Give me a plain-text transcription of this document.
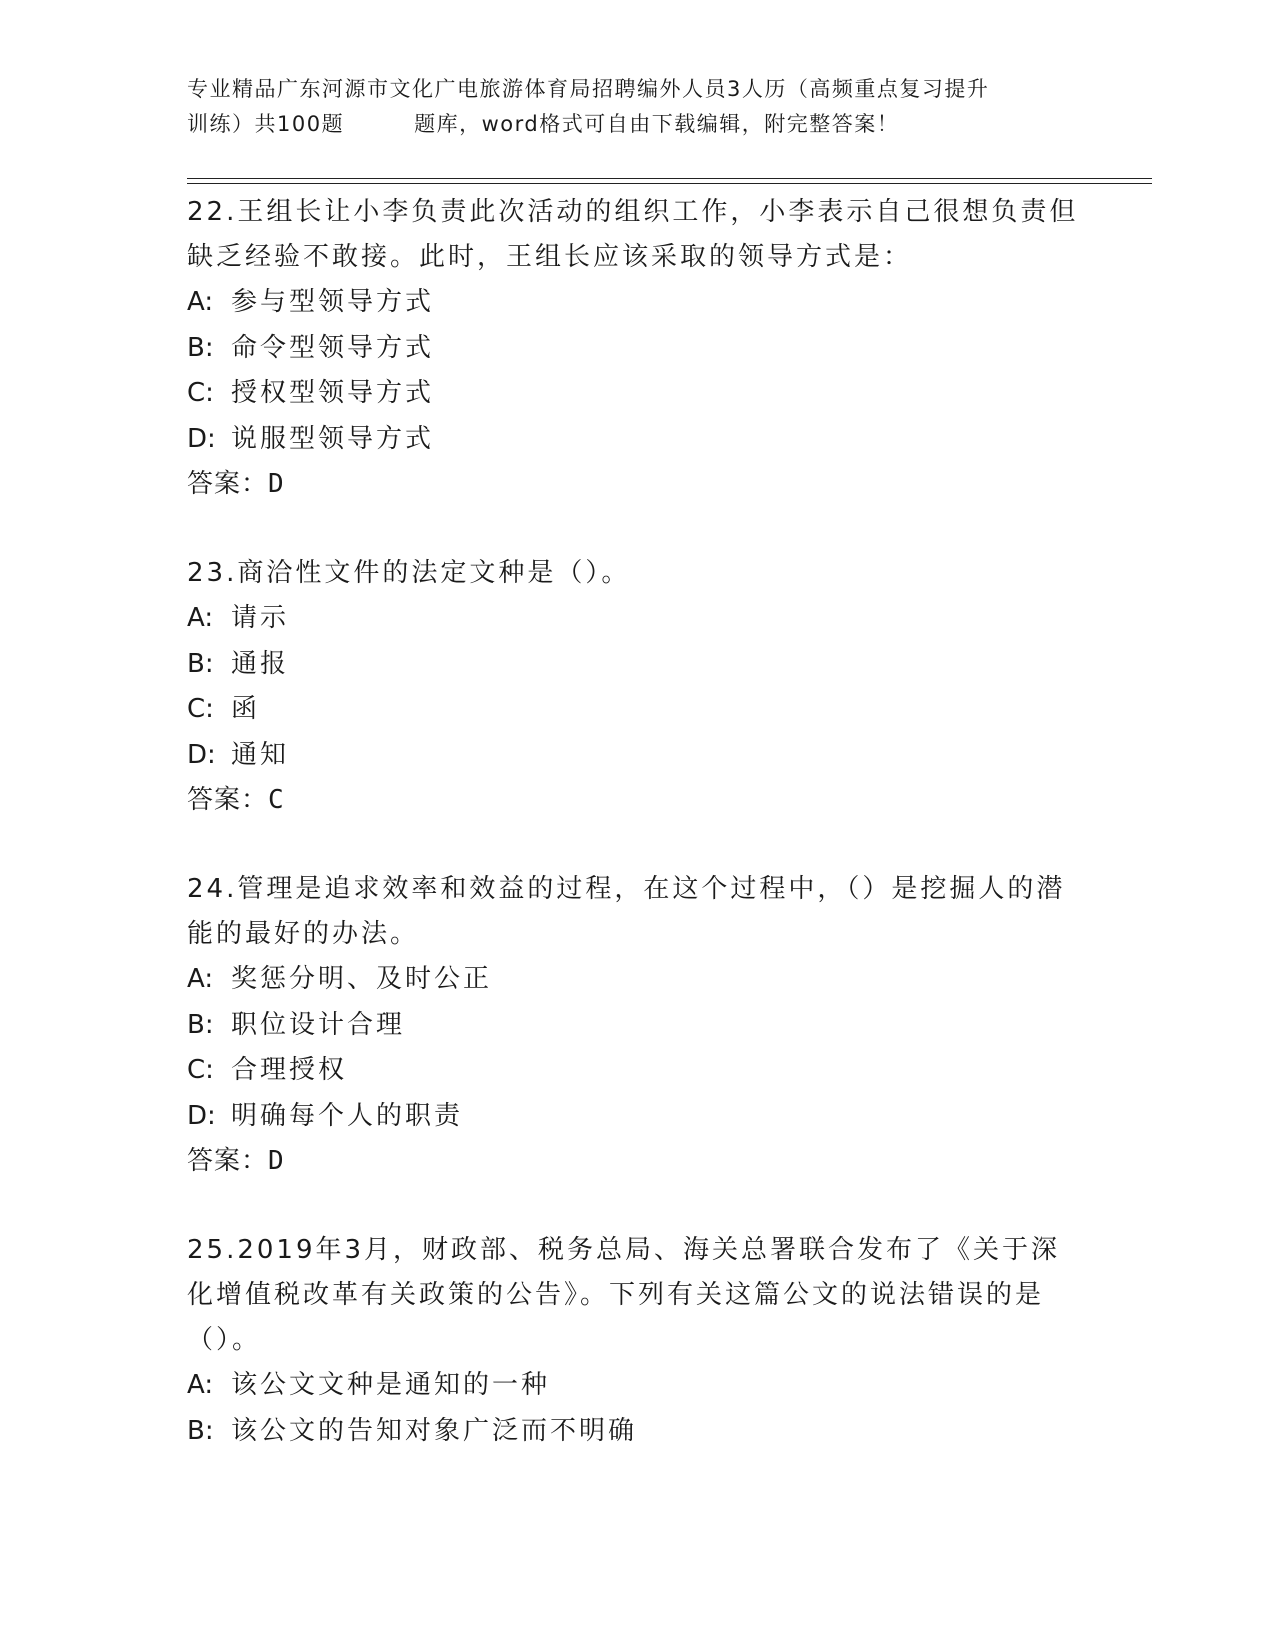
专业精品广东河源市文化广电旅游体育局招聘编外人员3人历（高频重点复习提升
训练）共100题	题库，word格式可自由下载编辑，附完整答案！

22.王组长让小李负责此次活动的组织工作，小李表示自己很想负责但缺乏经验不敢接。此时，王组长应该采取的领导方式是：

A: 参与型领导方式

B: 命令型领导方式

C: 授权型领导方式

D: 说服型领导方式

答案：D

23.商洽性文件的法定文种是（）。

A: 请示

B: 通报

C: 函

D: 通知

答案：C

24.管理是追求效率和效益的过程，在这个过程中，（）是挖掘人的潜能的最好的办法。

A: 奖惩分明、及时公正

B: 职位设计合理

C: 合理授权

D: 明确每个人的职责

答案：D

25.2019年3月，财政部、税务总局、海关总署联合发布了《关于深化增值税改革有关政策的公告》。下列有关这篇公文的说法错误的是（）。

A: 该公文文种是通知的一种

B: 该公文的告知对象广泛而不明确
